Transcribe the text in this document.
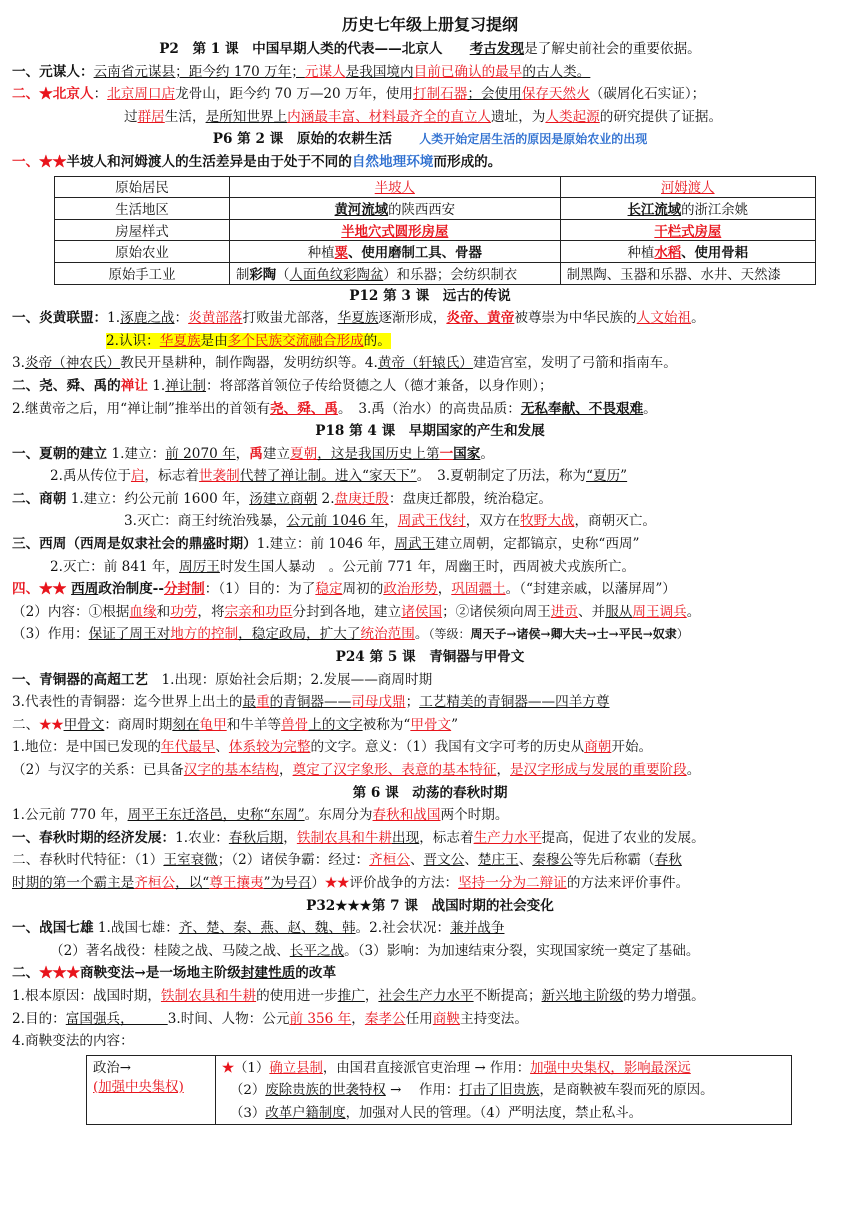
历史七年级上册复习提纲
P2　第 1 课　中国早期人类的代表——北京人　　 考古发现是了解史前社会的重要依据。
一、元谋人：云南省元谋县；距今约 170 万年；元谋人是我国境内目前已确认的最早的古人类。
二、★北京人：北京周口店龙骨山，距今约 70 万—20 万年，使用打制石器；会使用保存天然火（碳屑化石实证）；
过群居生活，是所知世界上内涵最丰富、材料最齐全的直立人遗址，为人类起源的研究提供了证据。
P6 第 2 课　原始的农耕生活　　 人类开始定居生活的原因是原始农业的出现
一、★★半坡人和河姆渡人的生活差异是由于处于不同的自然地理环境而形成的。
原始居民	半坡人	河姆渡人
生活地区	黄河流域的陕西西安	长江流域的浙江余姚
房屋样式	半地穴式圆形房屋	干栏式房屋
原始农业	种植粟、使用磨制工具、骨器	种植水稻、使用骨耜
原始手工业	制彩陶（人面鱼纹彩陶盆）和乐器；会纺织制衣	制黑陶、玉器和乐器、水井、天然漆
P12 第 3 课　远古的传说
一、炎黄联盟：1.涿鹿之战：炎黄部落打败蚩尤部落，华夏族逐渐形成，炎帝、黄帝被尊崇为中华民族的人文始祖。
2.认识：华夏族是由多个民族交流融合形成的。
3.炎帝（神农氏）教民开垦耕种，制作陶器，发明纺织等。4.黄帝（轩辕氏）建造宫室，发明了弓箭和指南车。
二、尧、舜、禹的禅让 1.禅让制：将部落首领位子传给贤德之人（德才兼备，以身作则）；
2.继黄帝之后，用“禅让制”推举出的首领有尧、舜、禹。　3.禹（治水）的高贵品质：无私奉献、不畏艰难。
P18 第 4 课　早期国家的产生和发展
一、夏朝的建立 1.建立：前 2070 年，禹建立夏朝，这是我国历史上第一国家。
2.禹从传位于启，标志着世袭制代替了禅让制。进入“家天下”。　3.夏朝制定了历法，称为“夏历”
二、商朝 1.建立：约公元前 1600 年，汤建立商朝 2.盘庚迁殷：盘庚迁都殷，统治稳定。
3.灭亡：商王纣统治残暴，公元前 1046 年，周武王伐纣，双方在牧野大战，商朝灭亡。
三、西周（西周是奴隶社会的鼎盛时期）1.建立：前 1046 年，周武王建立周朝，定都镐京，史称“西周”
2.灭亡：前 841 年，周厉王时发生国人暴动　。公元前 771 年，周幽王时，西周被犬戎族所亡。
四、★★ 西周政治制度--分封制：（1）目的：为了稳定周初的政治形势，巩固疆土。（“封建亲戚，以藩屏周”）
（2）内容：①根据血缘和功劳，将宗亲和功臣分封到各地，建立诸侯国；②诸侯须向周王进贡、并服从周王调兵。
（3）作用：保证了周王对地方的控制，稳定政局，扩大了统治范围。（等级：周天子→诸侯→卿大夫→士→平民→奴隶）
P24 第 5 课　青铜器与甲骨文
一、青铜器的高超工艺　1.出现：原始社会后期；2.发展——商周时期
3.代表性的青铜器：迄今世界上出土的最重的青铜器——司母戊鼎；工艺精美的青铜器——四羊方尊
二、★★甲骨文：商周时期刻在龟甲和牛羊等兽骨上的文字被称为“甲骨文”
1.地位：是中国已发现的年代最早、体系较为完整的文字。意义：（1）我国有文字可考的历史从商朝开始。
（2）与汉字的关系：已具备汉字的基本结构，奠定了汉字象形、表意的基本特征，是汉字形成与发展的重要阶段。
第 6 课　动荡的春秋时期
1.公元前 770 年，周平王东迁洛邑，史称“东周”。东周分为春秋和战国两个时期。
一、春秋时期的经济发展：1.农业：春秋后期，铁制农具和牛耕出现，标志着生产力水平提高，促进了农业的发展。
二、春秋时代特征：（1）王室衰微；（2）诸侯争霸：经过：齐桓公、晋文公、楚庄王、秦穆公等先后称霸（春秋
时期的第一个霸主是齐桓公，以“尊王攘夷”为号召）★★评价战争的方法：坚持一分为二辩证的方法来评价事件。
P32★★★第 7 课　战国时期的社会变化
一、战国七雄 1.战国七雄：齐、楚、秦、燕、赵、魏、韩。2.社会状况：兼并战争
（2）著名战役：桂陵之战、马陵之战、长平之战。（3）影响：为加速结束分裂，实现国家统一奠定了基础。
二、★★★商鞅变法→是一场地主阶级封建性质的改革
1.根本原因：战国时期，铁制农具和牛耕的使用进一步推广，社会生产力水平不断提高；新兴地主阶级的势力增强。
2.目的：富国强兵，　　　3.时间、人物：公元前 356 年，秦孝公任用商鞅主持变法。
4.商鞅变法的内容：
政治→
(加强中央集权)
	★（1）确立县制，由国君直接派官吏治理 → 作用：加强中央集权，影响最深远
（2）废除贵族的世袭特权 → 　作用：打击了旧贵族，是商鞅被车裂而死的原因。
（3）改革户籍制度，加强对人民的管理。（4）严明法度，禁止私斗。
